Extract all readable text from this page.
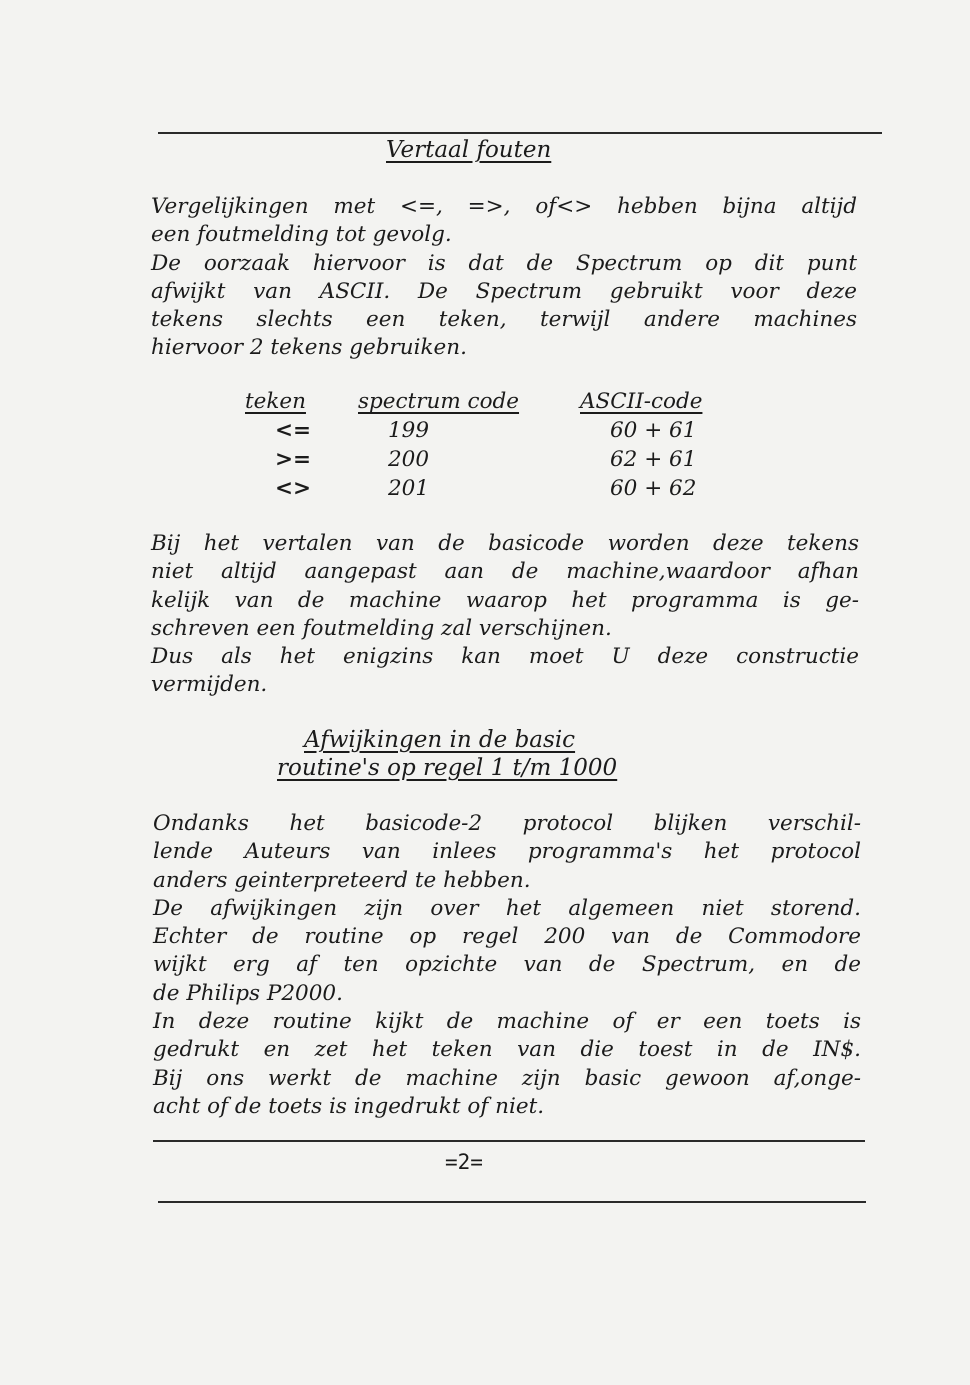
Vertaal fouten
Vergelijkingen met <=, =>, of<> hebben bijna altijd
een foutmelding tot gevolg.
De oorzaak hiervoor is dat de Spectrum op dit punt
afwijkt van ASCII. De Spectrum gebruikt voor deze
tekens slechts een teken, terwijl andere machines
hiervoor 2 tekens gebruiken.
teken	spectrum code	ASCII-code
<=	199	60 + 61
>=	200	62 + 61
<>	201	60 + 62
Bij het vertalen van de basicode worden deze tekens
niet altijd aangepast aan de machine,waardoor afhan
kelijk van de machine waarop het programma is ge-
schreven een foutmelding zal verschijnen.
Dus als het enigzins kan moet U deze constructie
vermijden.
Afwijkingen in de basic
routine's op regel 1 t/m 1000
Ondanks het basicode-2 protocol blijken verschil-
lende Auteurs van inlees programma's het protocol
anders geinterpreteerd te hebben.
De afwijkingen zijn over het algemeen niet storend.
Echter de routine op regel 200 van de Commodore
wijkt erg af ten opzichte van de Spectrum, en de
de Philips P2000.
In deze routine kijkt de machine of er een toets is
gedrukt en zet het teken van die toest in de IN$.
Bij ons werkt de machine zijn basic gewoon af,onge-
acht of de toets is ingedrukt of niet.
=2=
